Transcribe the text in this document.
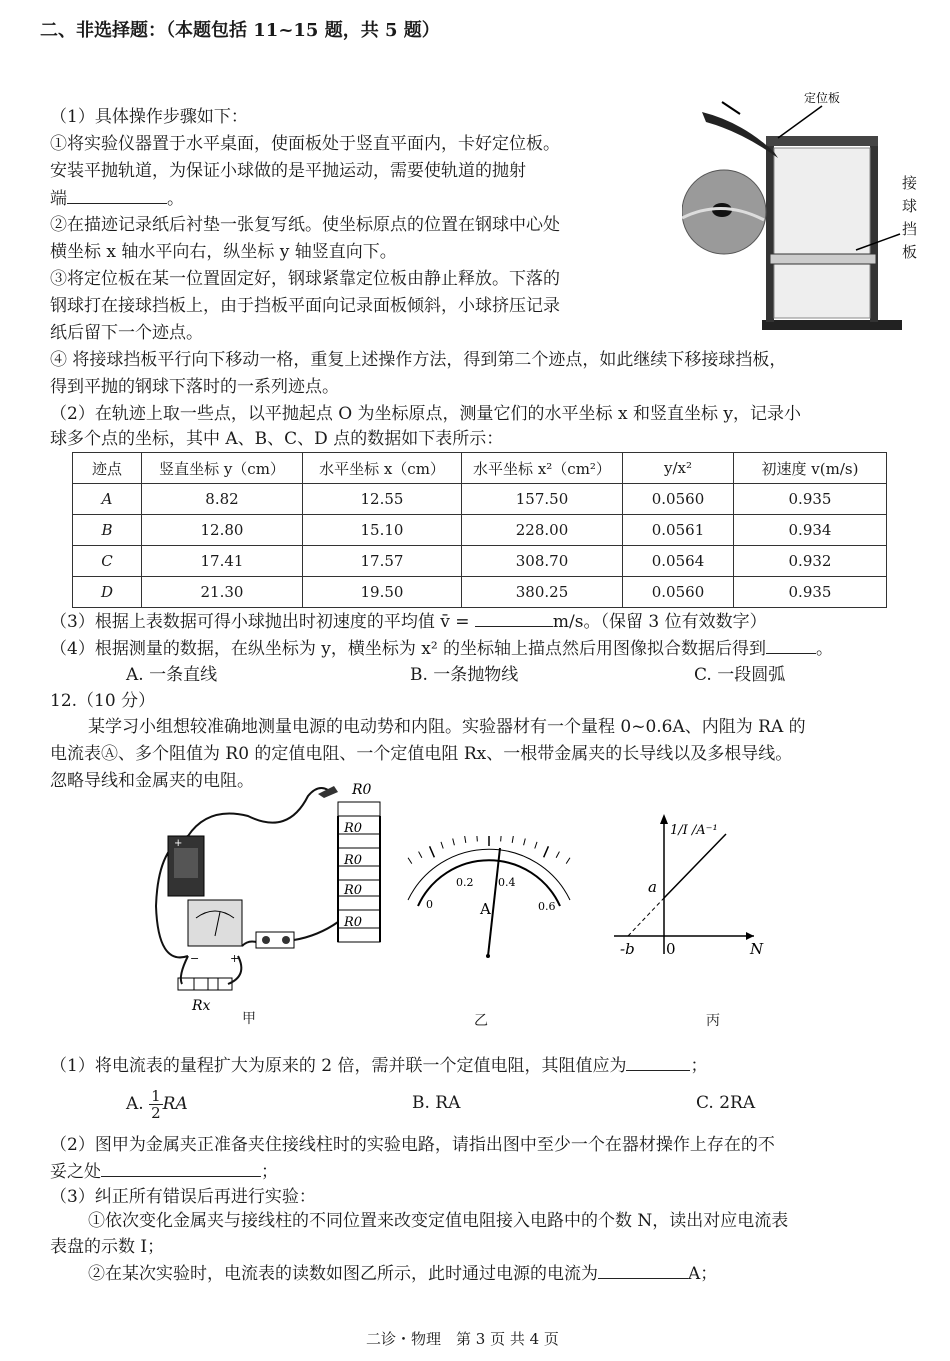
二、非选择题：（本题包括 11~15 题，共 5 题）
（1）具体操作步骤如下：
①将实验仪器置于水平桌面，使面板处于竖直平面内，卡好定位板。
安装平抛轨道，为保证小球做的是平抛运动，需要使轨道的抛射
端	。
②在描迹记录纸后衬垫一张复写纸。使坐标原点的位置在钢球中心处
横坐标 x 轴水平向右，纵坐标 y 轴竖直向下。
③将定位板在某一位置固定好，钢球紧靠定位板由静止释放。下落的
钢球打在接球挡板上，由于挡板平面向记录面板倾斜，小球挤压记录
纸后留下一个迹点。
④ 将接球挡板平行向下移动一格，重复上述操作方法，得到第二个迹点，如此继续下移接球挡板，
得到平抛的钢球下落时的一系列迹点。
（2）在轨迹上取一些点，以平抛起点 O 为坐标原点，测量它们的水平坐标 x 和竖直坐标 y，记录小
球多个点的坐标，其中 A、B、C、D 点的数据如下表所示：
定位板
接球挡板
迹点	竖直坐标 y（cm）	水平坐标 x（cm）	水平坐标 x²（cm²）	y/x²	初速度 v(m/s)
A	8.82	12.55	157.50	0.0560	0.935
B	12.80	15.10	228.00	0.0561	0.934
C	17.41	17.57	308.70	0.0564	0.932
D	21.30	19.50	380.25	0.0560	0.935
（3）根据上表数据可得小球抛出时初速度的平均值 v̄ =	m/s。（保留 3 位有效数字）
（4）根据测量的数据，在纵坐标为 y，横坐标为 x² 的坐标轴上描点然后用图像拟合数据后得到	。
A. 一条直线	B. 一条抛物线	C. 一段圆弧
12.（10 分）
某学习小组想较准确地测量电源的电动势和内阻。实验器材有一个量程 0~0.6A、内阻为 RA 的
电流表Ⓐ、多个阻值为 R0 的定值电阻、一个定值电阻 Rx、一根带金属夹的长导线以及多根导线。
忽略导线和金属夹的电阻。
+
−	+
R0
R0
R0
R0
R0
Rx
甲
0
0.2 0.4
0.6
A
乙
1/I /A⁻¹
N
a
-b 0
丙
（1）将电流表的量程扩大为原来的 2 倍，需并联一个定值电阻，其阻值应为	；
A. $\frac{1}{2}$ RA	B. RA	C. 2RA
（2）图甲为金属夹正准备夹住接线柱时的实验电路，请指出图中至少一个在器材操作上存在的不
妥之处	；
（3）纠正所有错误后再进行实验：
①依次变化金属夹与接线柱的不同位置来改变定值电阻接入电路中的个数 N，读出对应电流表
表盘的示数 I；
②在某次实验时，电流表的读数如图乙所示，此时通过电源的电流为	A；
二诊・物理　第 3 页 共 4 页
